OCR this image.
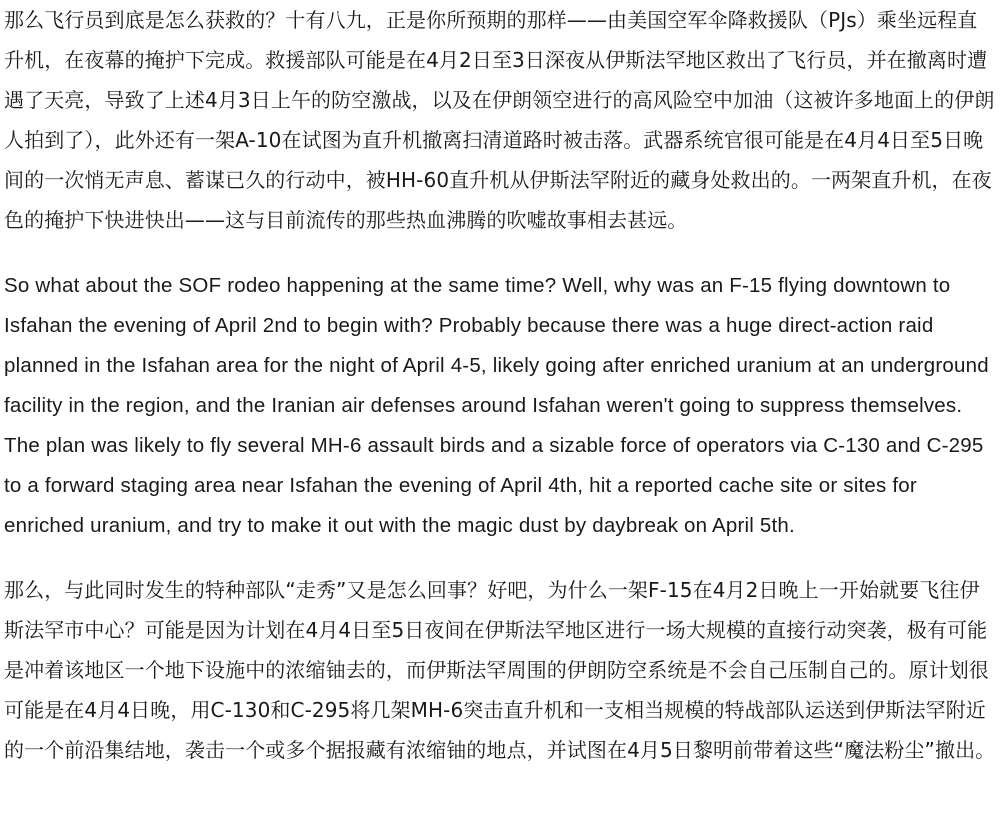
那么飞行员到底是怎么获救的？十有八九，正是你所预期的那样——由美国空军伞降救援队（PJs）乘坐远程直升机，在夜幕的掩护下完成。救援部队可能是在4月2日至3日深夜从伊斯法罕地区救出了飞行员，并在撤离时遭遇了天亮，导致了上述4月3日上午的防空激战，以及在伊朗领空进行的高风险空中加油（这被许多地面上的伊朗人拍到了），此外还有一架A-10在试图为直升机撤离扫清道路时被击落。武器系统官很可能是在4月4日至5日晚间的一次悄无声息、蓄谋已久的行动中，被HH-60直升机从伊斯法罕附近的藏身处救出的。一两架直升机，在夜色的掩护下快进快出——这与目前流传的那些热血沸腾的吹嘘故事相去甚远。

So what about the SOF rodeo happening at the same time? Well, why was an F-15 flying downtown to Isfahan the evening of April 2nd to begin with? Probably because there was a huge direct-action raid planned in the Isfahan area for the night of April 4-5, likely going after enriched uranium at an underground facility in the region, and the Iranian air defenses around Isfahan weren't going to suppress themselves. The plan was likely to fly several MH-6 assault birds and a sizable force of operators via C-130 and C-295 to a forward staging area near Isfahan the evening of April 4th, hit a reported cache site or sites for enriched uranium, and try to make it out with the magic dust by daybreak on April 5th.

那么，与此同时发生的特种部队“走秀”又是怎么回事？好吧，为什么一架F-15在4月2日晚上一开始就要飞往伊斯法罕市中心？可能是因为计划在4月4日至5日夜间在伊斯法罕地区进行一场大规模的直接行动突袭，极有可能是冲着该地区一个地下设施中的浓缩铀去的，而伊斯法罕周围的伊朗防空系统是不会自己压制自己的。原计划很可能是在4月4日晚，用C-130和C-295将几架MH-6突击直升机和一支相当规模的特战部队运送到伊斯法罕附近的一个前沿集结地，袭击一个或多个据报藏有浓缩铀的地点，并试图在4月5日黎明前带着这些“魔法粉尘”撤出。
